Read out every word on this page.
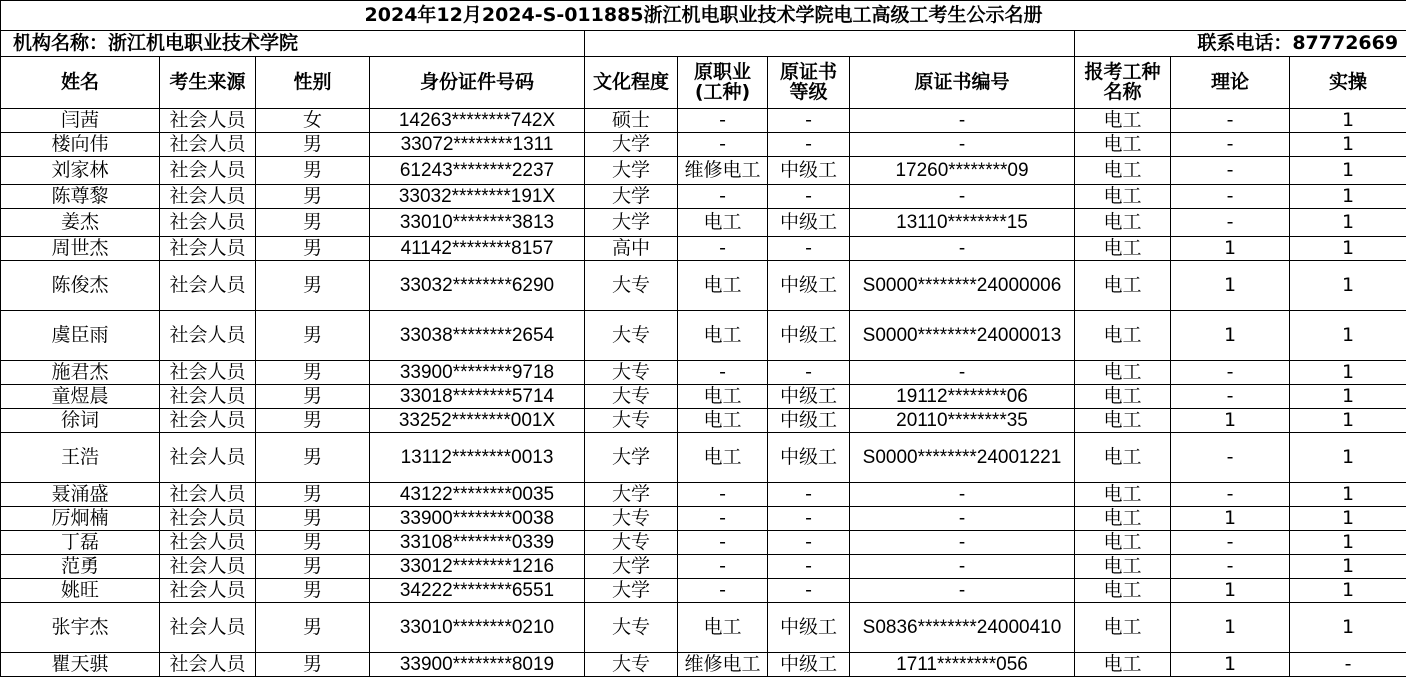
2024年12月2024-S-011885浙江机电职业技术学院电工高级工考生公示名册										
机构名称：浙江机电职业技术学院								联系电话：87772669		
姓名	考生来源	性别	身份证件号码	文化程度	原职业(工种)	原证书等级	原证书编号	报考工种名称	理论	实操
闫茜	社会人员	女	14263********742X	硕士	-	-	-	电工	-	1
楼向伟	社会人员	男	33072********1311	大学	-	-	-	电工	-	1
刘家林	社会人员	男	61243********2237	大学	维修电工	中级工	17260********09	电工	-	1
陈尊黎	社会人员	男	33032********191X	大学	-	-	-	电工	-	1
姜杰	社会人员	男	33010********3813	大学	电工	中级工	13110********15	电工	-	1
周世杰	社会人员	男	41142********8157	高中	-	-	-	电工	1	1
陈俊杰	社会人员	男	33032********6290	大专	电工	中级工	S0000********24000006	电工	1	1
虞臣雨	社会人员	男	33038********2654	大专	电工	中级工	S0000********24000013	电工	1	1
施君杰	社会人员	男	33900********9718	大专	-	-	-	电工	-	1
童煜晨	社会人员	男	33018********5714	大专	电工	中级工	19112********06	电工	-	1
徐词	社会人员	男	33252********001X	大专	电工	中级工	20110********35	电工	1	1
王浩	社会人员	男	13112********0013	大学	电工	中级工	S0000********24001221	电工	-	1
聂涌盛	社会人员	男	43122********0035	大学	-	-	-	电工	-	1
厉炯楠	社会人员	男	33900********0038	大专	-	-	-	电工	1	1
丁磊	社会人员	男	33108********0339	大专	-	-	-	电工	-	1
范勇	社会人员	男	33012********1216	大学	-	-	-	电工	-	1
姚旺	社会人员	男	34222********6551	大学	-	-	-	电工	1	1
张宇杰	社会人员	男	33010********0210	大专	电工	中级工	S0836********24000410	电工	1	1
瞿天骐	社会人员	男	33900********8019	大专	维修电工	中级工	1711********056	电工	1	-
